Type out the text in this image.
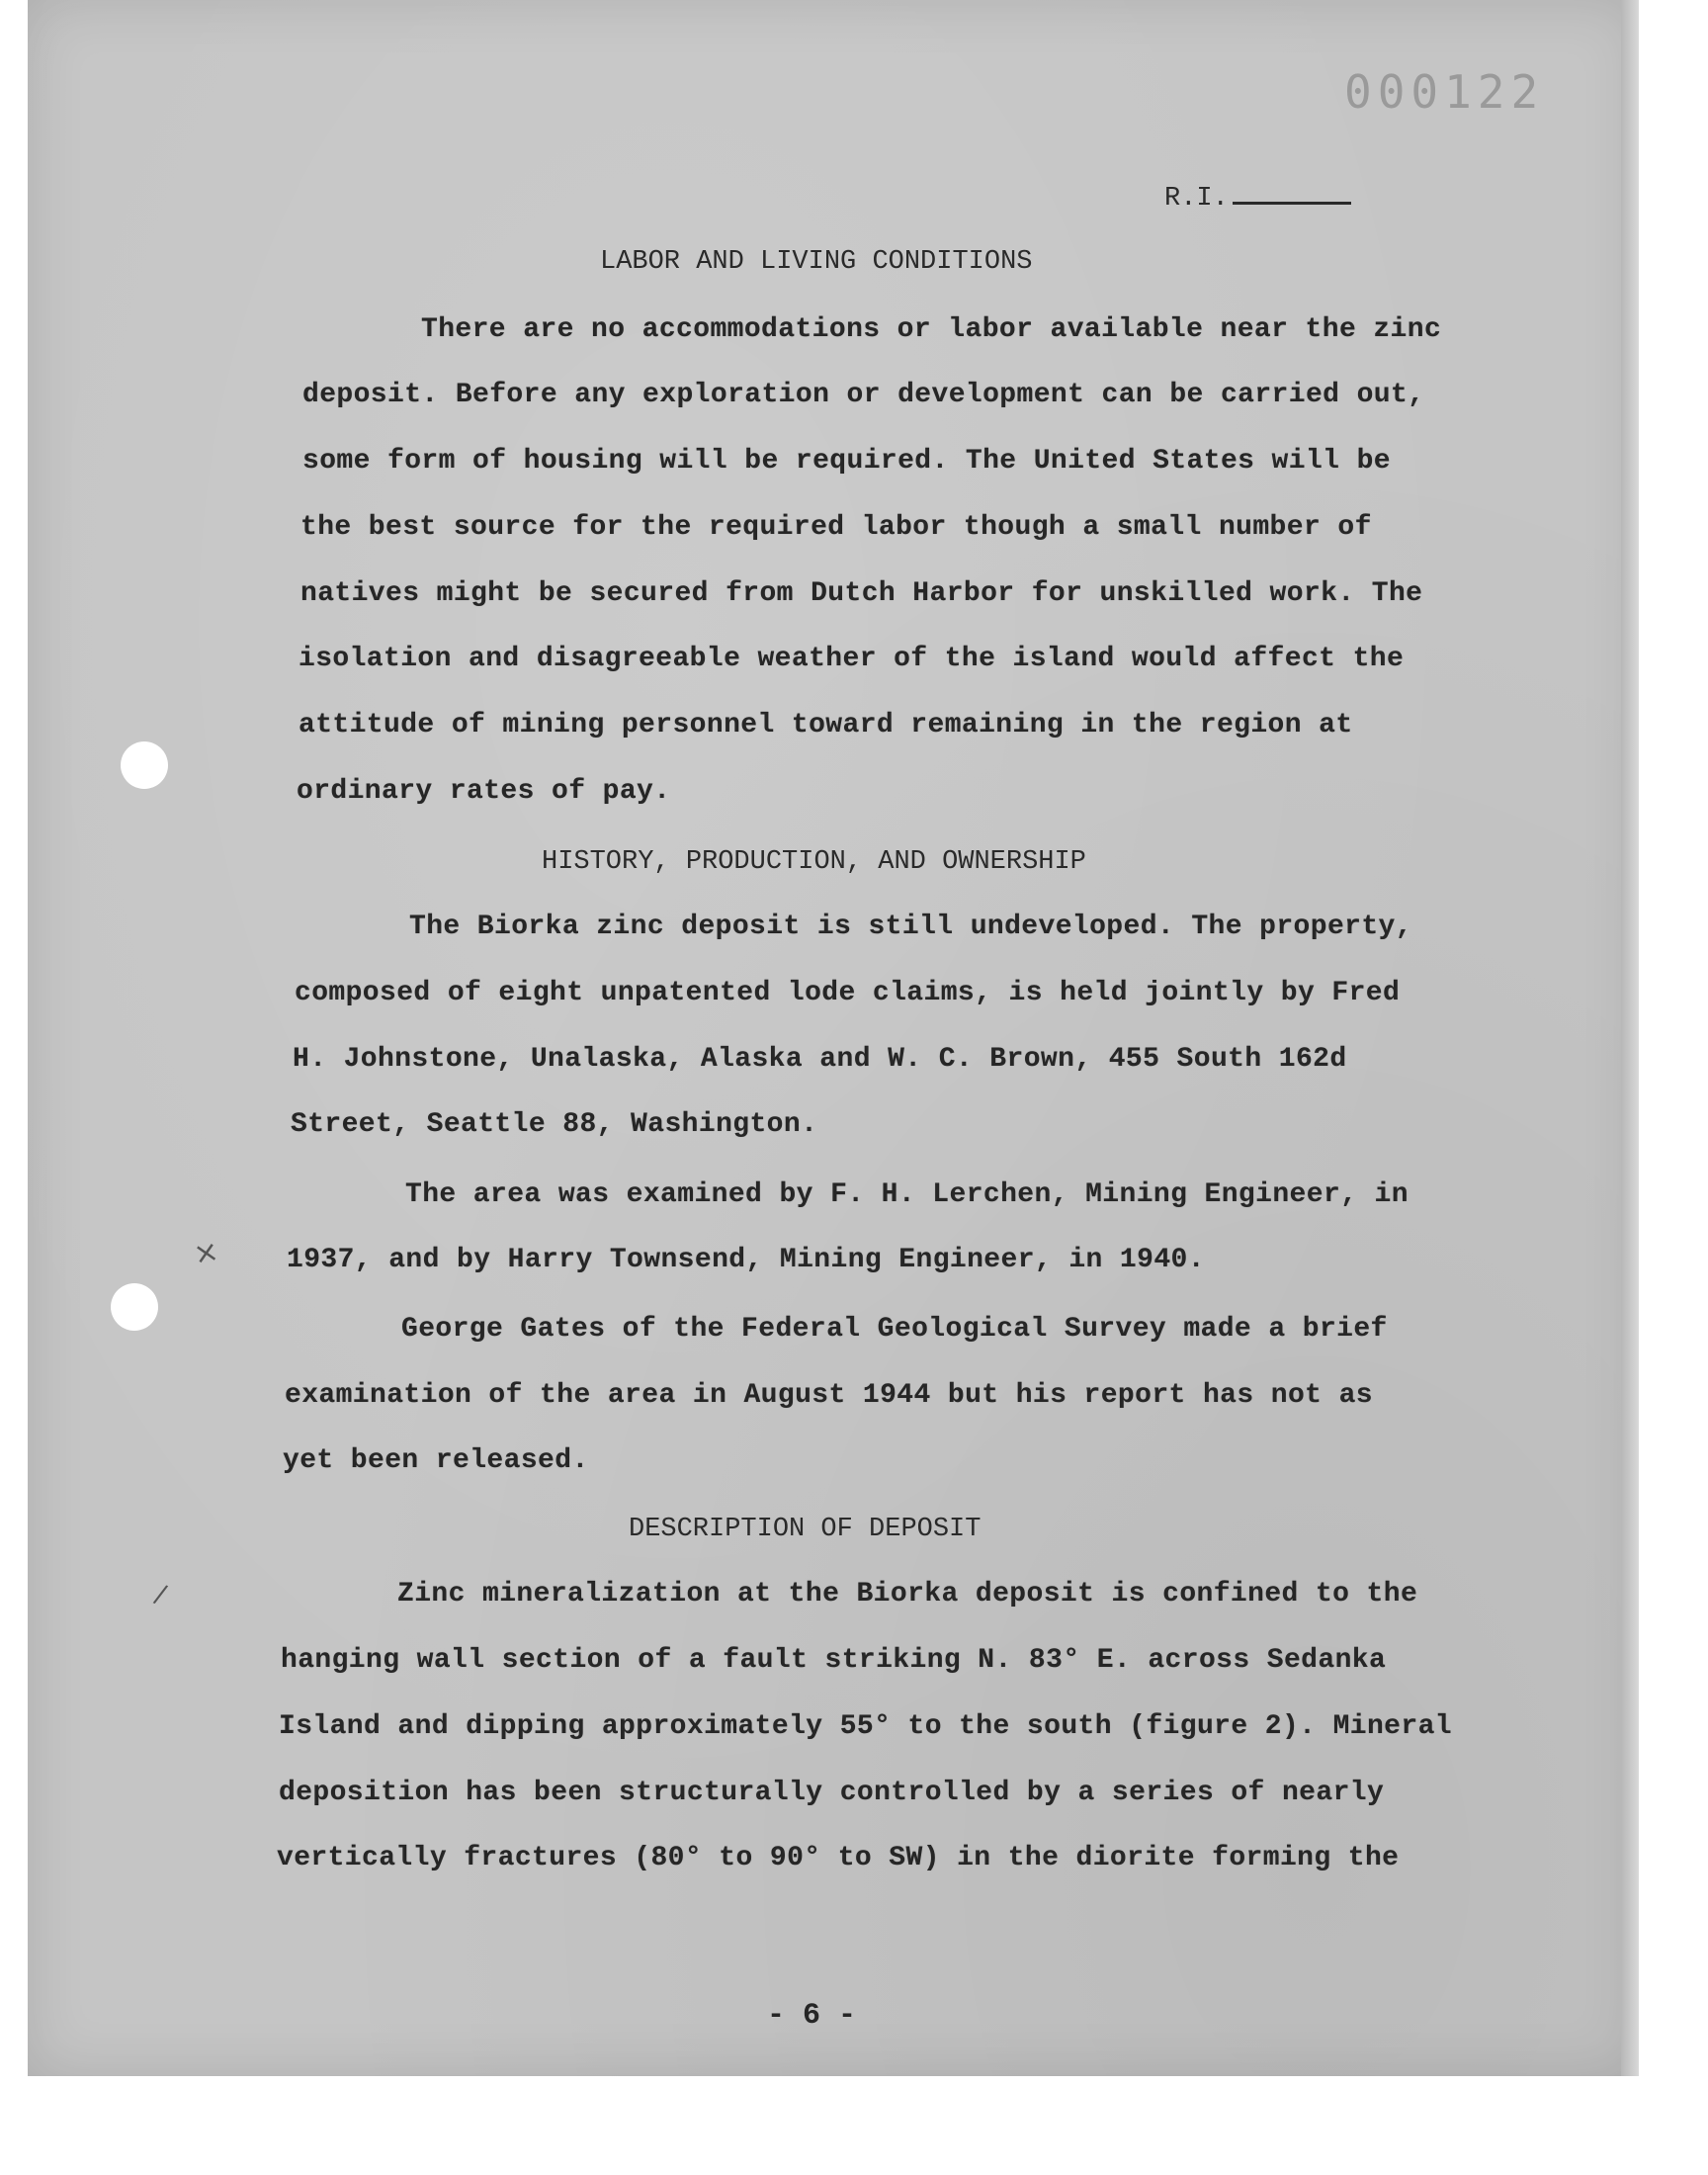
×
/
000122
R.I.
LABOR AND LIVING CONDITIONS
There are no accommodations or labor available near the zinc
deposit. Before any exploration or development can be carried out,
some form of housing will be required. The United States will be
the best source for the required labor though a small number of
natives might be secured from Dutch Harbor for unskilled work. The
isolation and disagreeable weather of the island would affect the
attitude of mining personnel toward remaining in the region at
ordinary rates of pay.
HISTORY, PRODUCTION, AND OWNERSHIP
The Biorka zinc deposit is still undeveloped. The property,
composed of eight unpatented lode claims, is held jointly by Fred
H. Johnstone, Unalaska, Alaska and W. C. Brown, 455 South 162d
Street, Seattle 88, Washington.
The area was examined by F. H. Lerchen, Mining Engineer, in
1937, and by Harry Townsend, Mining Engineer, in 1940.
George Gates of the Federal Geological Survey made a brief
examination of the area in August 1944 but his report has not as
yet been released.
DESCRIPTION OF DEPOSIT
Zinc mineralization at the Biorka deposit is confined to the
hanging wall section of a fault striking N. 83° E. across Sedanka
Island and dipping approximately 55° to the south (figure 2). Mineral
deposition has been structurally controlled by a series of nearly
vertically fractures (80° to 90° to SW) in the diorite forming the
- 6 -
